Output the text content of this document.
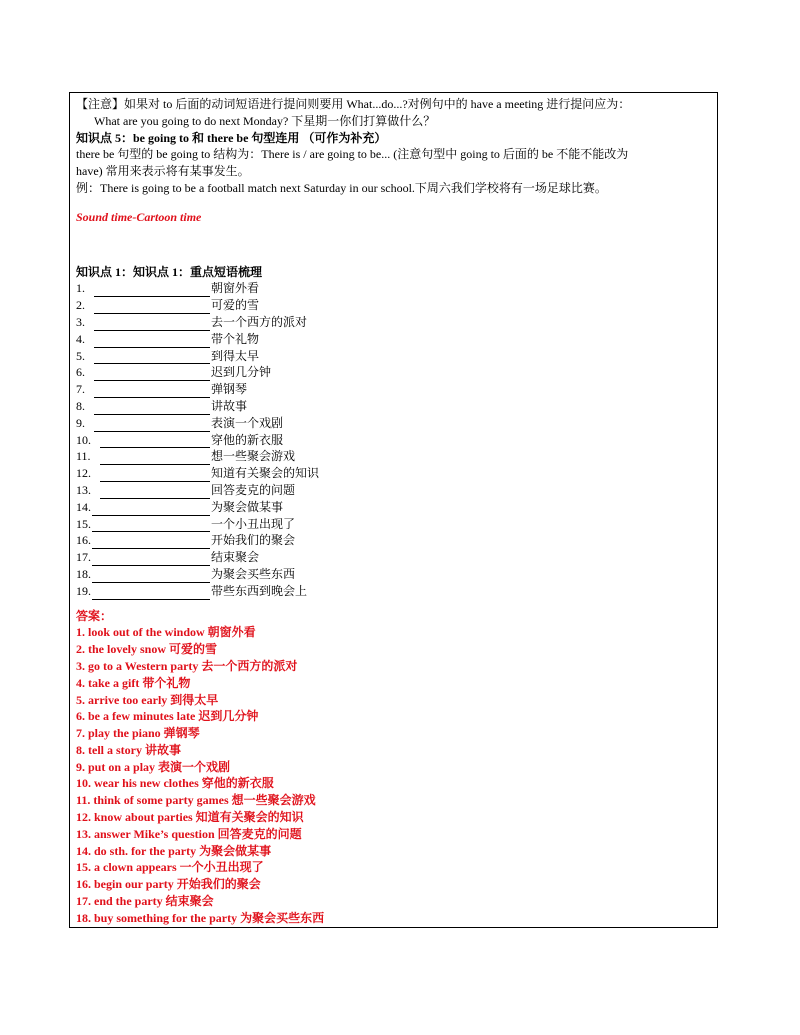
【注意】如果对 to 后面的动词短语进行提问则要用 What...do...?对例句中的 have a meeting 进行提问应为：
What are you going to do next Monday? 下星期一你们打算做什么？
知识点 5：be going to 和 there be 句型连用 （可作为补充）
there be 句型的 be going to 结构为：There is / are going to be... (注意句型中 going to 后面的 be 不能不能改为
have) 常用来表示将有某事发生。
例：There is going to be a football match next Saturday in our school.下周六我们学校将有一场足球比赛。
Sound time-Cartoon time
知识点 1：知识点 1：重点短语梳理
1.	朝窗外看
2.	可爱的雪
3.	去一个西方的派对
4.	带个礼物
5.	到得太早
6.	迟到几分钟
7.	弹钢琴
8.	讲故事
9.	表演一个戏剧
10.	穿他的新衣服
11.	想一些聚会游戏
12.	知道有关聚会的知识
13.	回答麦克的问题
14.	为聚会做某事
15.	一个小丑出现了
16.	开始我们的聚会
17.	结束聚会
18.	为聚会买些东西
19.	带些东西到晚会上
答案：
1. look out of the window 朝窗外看
2. the lovely snow 可爱的雪
3. go to a Western party 去一个西方的派对
4. take a gift 带个礼物
5. arrive too early 到得太早
6. be a few minutes late 迟到几分钟
7. play the piano 弹钢琴
8. tell a story 讲故事
9. put on a play 表演一个戏剧
10. wear his new clothes 穿他的新衣服
11. think of some party games 想一些聚会游戏
12. know about parties 知道有关聚会的知识
13. answer Mike’s question 回答麦克的问题
14. do sth. for the party 为聚会做某事
15. a clown appears 一个小丑出现了
16. begin our party 开始我们的聚会
17. end the party 结束聚会
18. buy something for the party 为聚会买些东西
